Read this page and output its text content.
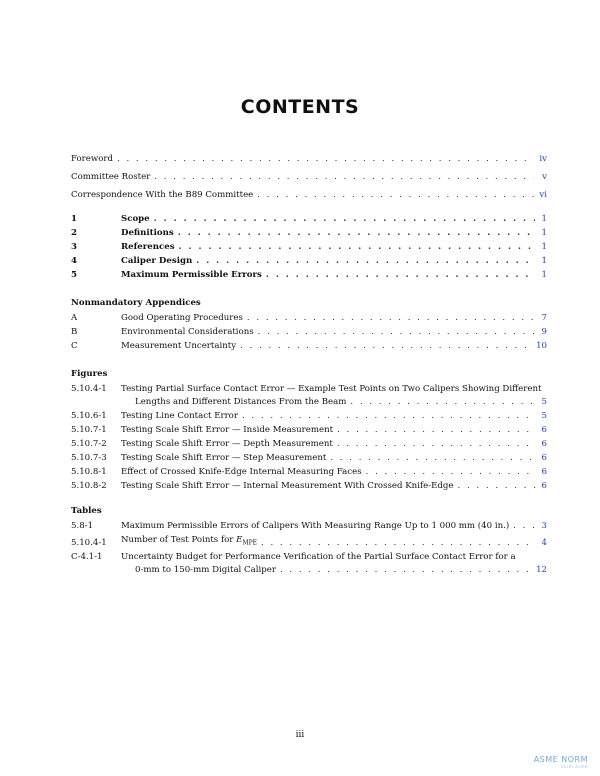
CONTENTS
Foreword . . .	iv
Committee Roster . . .	v
Correspondence With the B89 Committee . . .	vi
1	Scope . . .	1
2	Definitions . . .	1
3	References . . .	1
4	Caliper Design . . .	1
5	Maximum Permissible Errors . . .	1
Nonmandatory Appendices
A	Good Operating Procedures . . .	7
B	Environmental Considerations . . .	9
C	Measurement Uncertainty . . .	10
Figures
5.10.4-1	Testing Partial Surface Contact Error — Example Test Points on Two Calipers Showing Different
Lengths and Different Distances From the Beam . . .	5
5.10.6-1	Testing Line Contact Error . . .	5
5.10.7-1	Testing Scale Shift Error — Inside Measurement . . .	6
5.10.7-2	Testing Scale Shift Error — Depth Measurement . . .	6
5.10.7-3	Testing Scale Shift Error — Step Measurement . . .	6
5.10.8-1	Effect of Crossed Knife-Edge Internal Measuring Faces . . .	6
5.10.8-2	Testing Scale Shift Error — Internal Measurement With Crossed Knife-Edge . . .	6
Tables
5.8-1	Maximum Permissible Errors of Calipers With Measuring Range Up to 1 000 mm (40 in.) . . .	3
5.10.4-1	Number of Test Points for $E_{MPE}$ . . .	4
C-4.1-1	Uncertainty Budget for Performance Verification of the Partial Surface Contact Error for a
0-mm to 150-mm Digital Caliper . . .	12
iii
ASME NORM
norm.asme
